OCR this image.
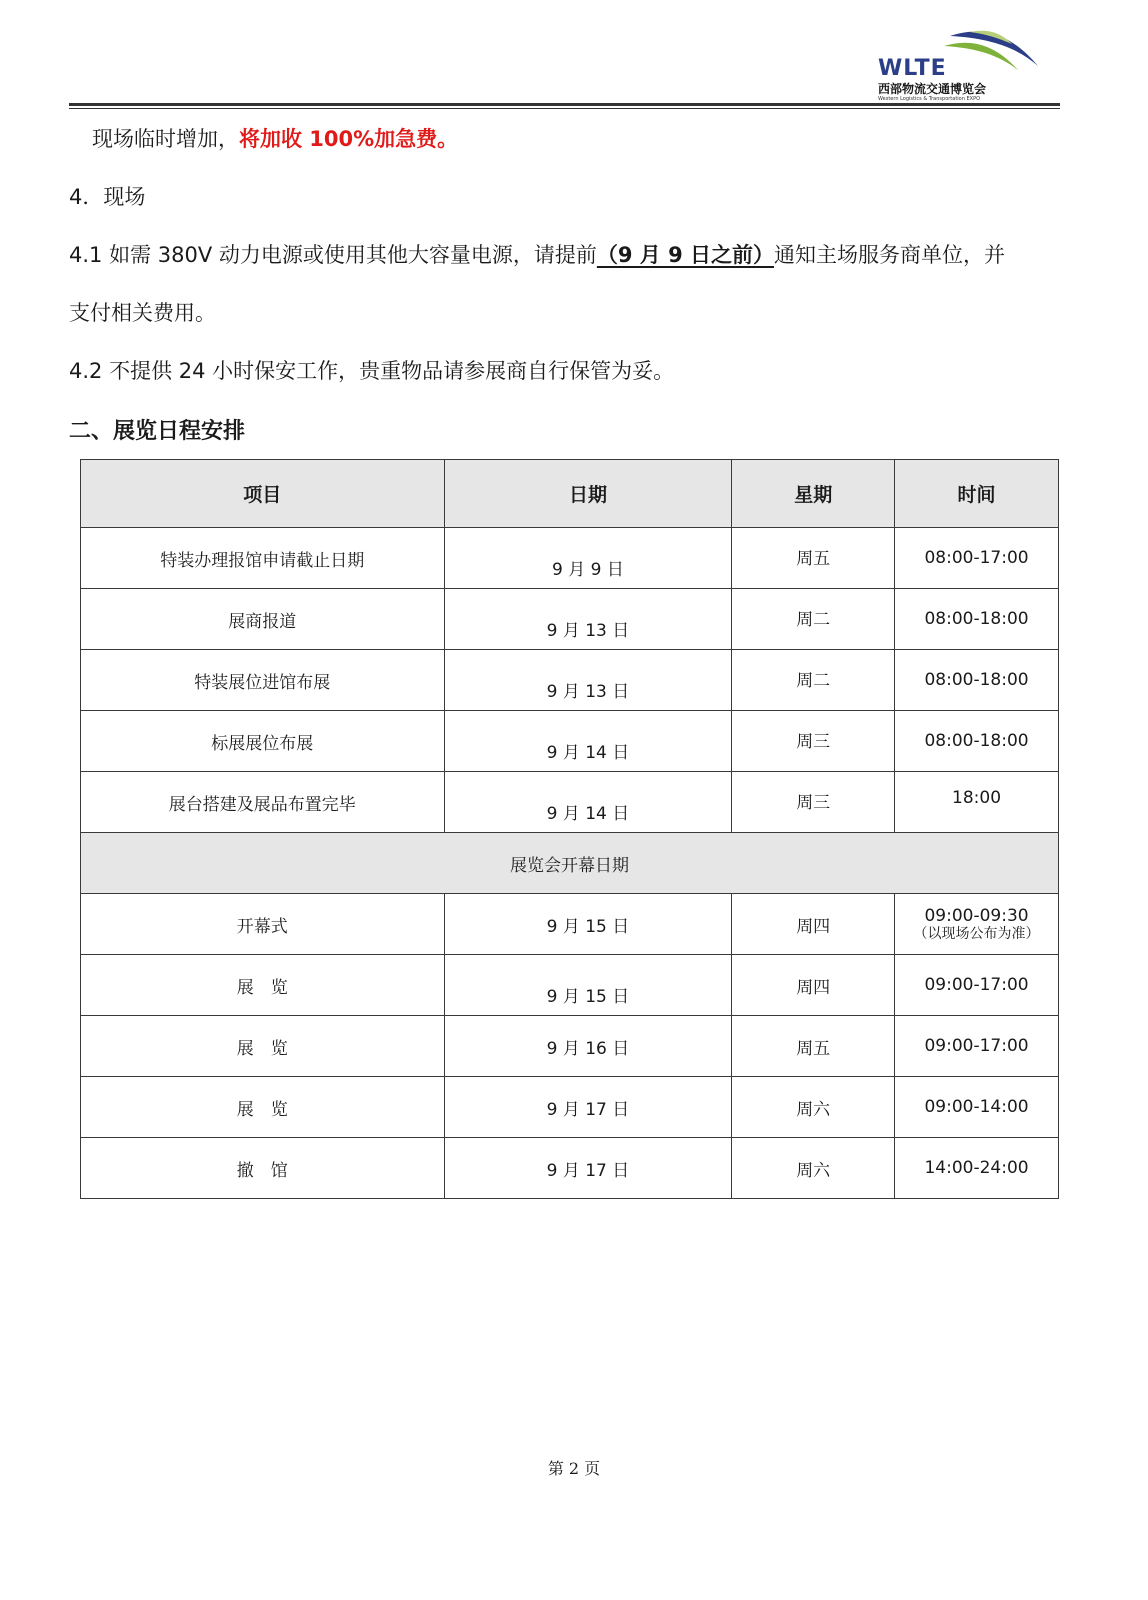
WLTE
西部物流交通博览会
Western Logistics & Transportation EXPO
现场临时增加，将加收 100%加急费。
4．现场
4.1 如需 380V 动力电源或使用其他大容量电源，请提前（9 月 9 日之前）通知主场服务商单位，并
支付相关费用。
4.2 不提供 24 小时保安工作，贵重物品请参展商自行保管为妥。
二、展览日程安排
项目	日期	星期	时间
特装办理报馆申请截止日期	9 月 9 日	周五	08:00-17:00
展商报道	9 月 13 日	周二	08:00-18:00
特装展位进馆布展	9 月 13 日	周二	08:00-18:00
标展展位布展	9 月 14 日	周三	08:00-18:00
展台搭建及展品布置完毕	9 月 14 日	周三	18:00
展览会开幕日期			
开幕式	9 月 15 日	周四	09:00-09:30
（以现场公布为准）

展　览	9 月 15 日	周四	09:00-17:00
展　览	9 月 16 日	周五	09:00-17:00
展　览	9 月 17 日	周六	09:00-14:00
撤　馆	9 月 17 日	周六	14:00-24:00
第 2 页
